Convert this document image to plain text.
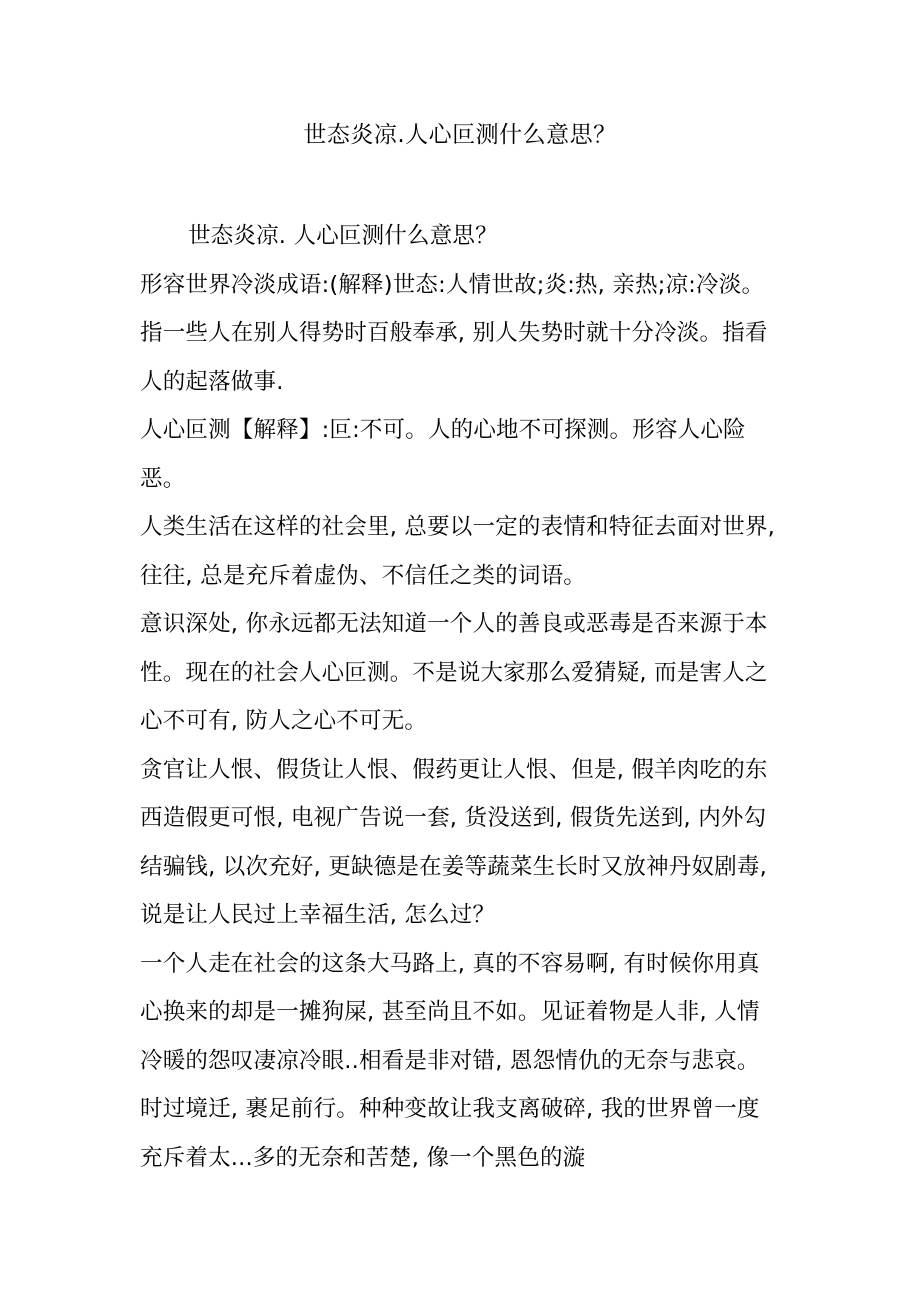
世态炎凉.人心叵测什么意思？

世态炎凉. 人心叵测什么意思？

形容世界冷淡成语:(解释)世态:人情世故;炎:热, 亲热;凉:冷淡。指一些人在别人得势时百般奉承, 别人失势时就十分冷淡。指看人的起落做事.

人心叵测【解释】:叵:不可。人的心地不可探测。形容人心险恶。

人类生活在这样的社会里, 总要以一定的表情和特征去面对世界, 往往, 总是充斥着虚伪、不信任之类的词语。

意识深处, 你永远都无法知道一个人的善良或恶毒是否来源于本性。现在的社会人心叵测。不是说大家那么爱猜疑, 而是害人之心不可有, 防人之心不可无。

贪官让人恨、假货让人恨、假药更让人恨、但是, 假羊肉吃的东西造假更可恨, 电视广告说一套, 货没送到, 假货先送到, 内外勾结骗钱, 以次充好, 更缺德是在姜等蔬菜生长时又放神丹奴剧毒, 说是让人民过上幸福生活, 怎么过？

一个人走在社会的这条大马路上, 真的不容易啊, 有时候你用真心换来的却是一摊狗屎, 甚至尚且不如。见证着物是人非, 人情冷暖的怨叹凄凉冷眼..相看是非对错, 恩怨情仇的无奈与悲哀。时过境迁, 裹足前行。种种变故让我支离破碎, 我的世界曾一度充斥着太...多的无奈和苦楚, 像一个黑色的漩
